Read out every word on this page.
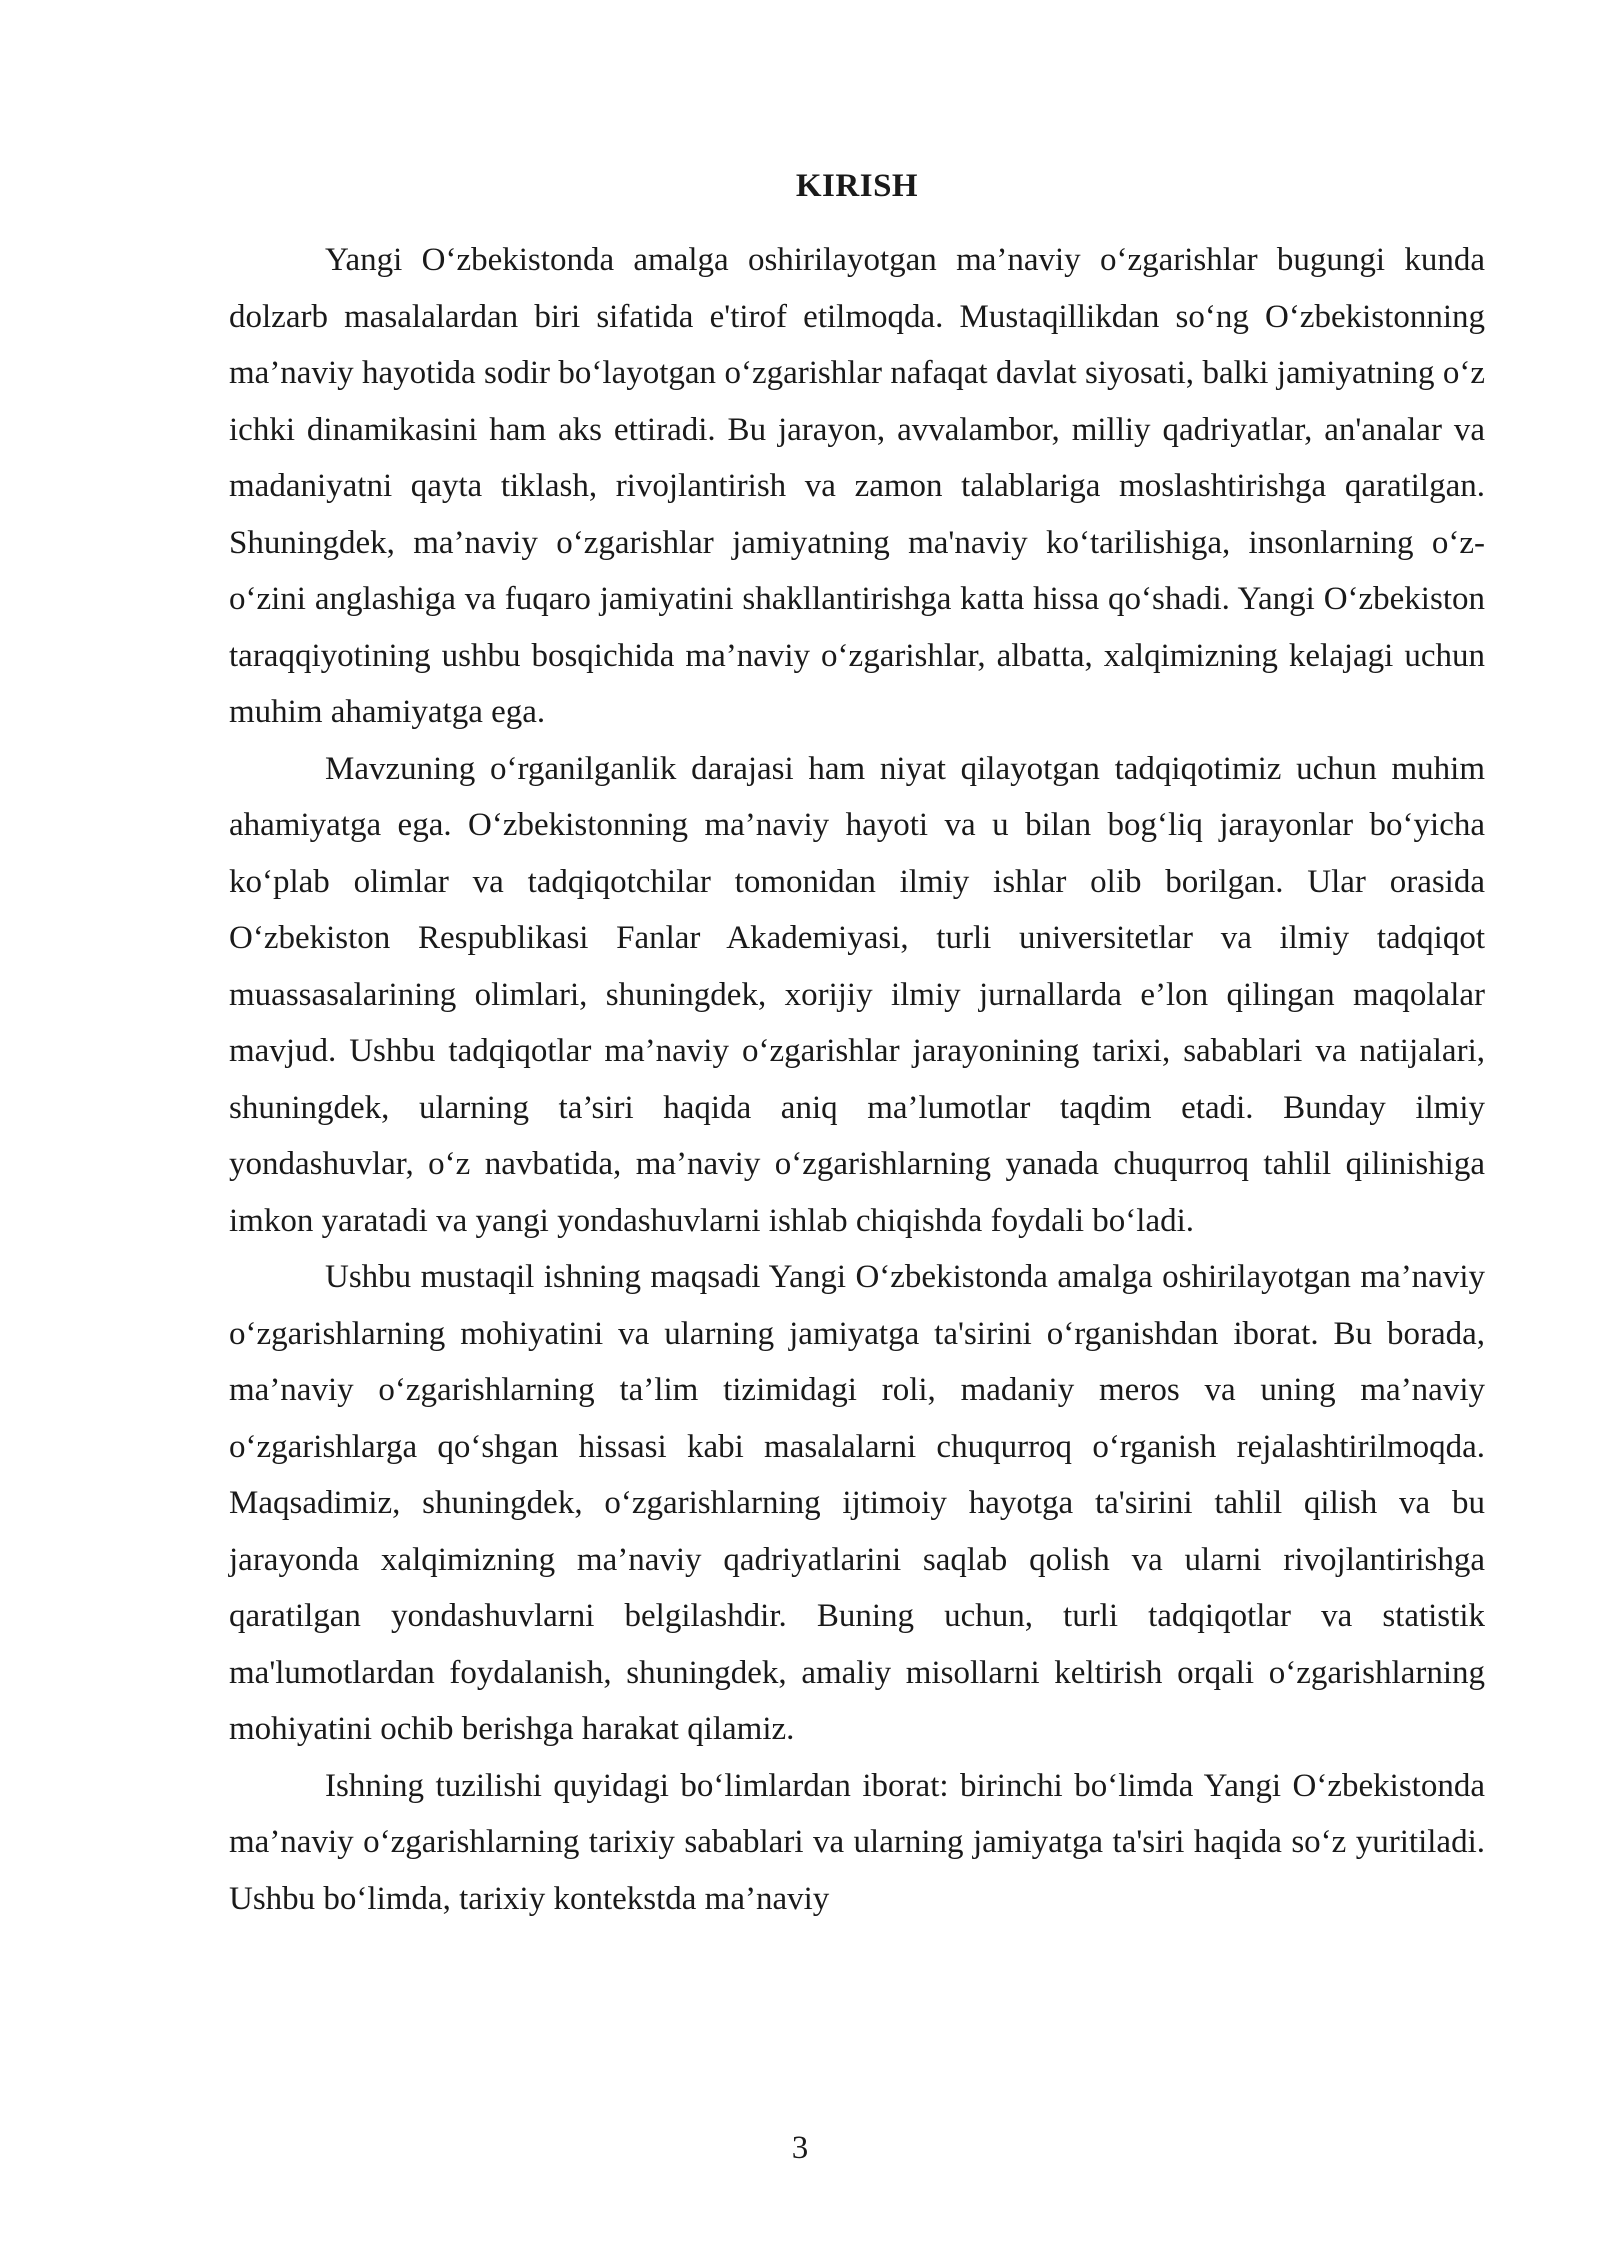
KIRISH

Yangi O‘zbekistonda amalga oshirilayotgan ma’naviy o‘zgarishlar bugungi kunda dolzarb masalalardan biri sifatida e'tirof etilmoqda. Mustaqillikdan so‘ng O‘zbekistonning ma’naviy hayotida sodir bo‘layotgan o‘zgarishlar nafaqat davlat siyosati, balki jamiyatning o‘z ichki dinamikasini ham aks ettiradi. Bu jarayon, avvalambor, milliy qadriyatlar, an'analar va madaniyatni qayta tiklash, rivojlantirish va zamon talablariga moslashtirishga qaratilgan. Shuningdek, ma’naviy o‘zgarishlar jamiyatning ma'naviy ko‘tarilishiga, insonlarning o‘z-o‘zini anglashiga va fuqaro jamiyatini shakllantirishga katta hissa qo‘shadi. Yangi O‘zbekiston taraqqiyotining ushbu bosqichida ma’naviy o‘zgarishlar, albatta, xalqimizning kelajagi uchun muhim ahamiyatga ega.

Mavzuning o‘rganilganlik darajasi ham niyat qilayotgan tadqiqotimiz uchun muhim ahamiyatga ega. O‘zbekistonning ma’naviy hayoti va u bilan bog‘liq jarayonlar bo‘yicha ko‘plab olimlar va tadqiqotchilar tomonidan ilmiy ishlar olib borilgan. Ular orasida O‘zbekiston Respublikasi Fanlar Akademiyasi, turli universitetlar va ilmiy tadqiqot muassasalarining olimlari, shuningdek, xorijiy ilmiy jurnallarda e’lon qilingan maqolalar mavjud. Ushbu tadqiqotlar ma’naviy o‘zgarishlar jarayonining tarixi, sabablari va natijalari, shuningdek, ularning ta’siri haqida aniq ma’lumotlar taqdim etadi. Bunday ilmiy yondashuvlar, o‘z navbatida, ma’naviy o‘zgarishlarning yanada chuqurroq tahlil qilinishiga imkon yaratadi va yangi yondashuvlarni ishlab chiqishda foydali bo‘ladi.

Ushbu mustaqil ishning maqsadi Yangi O‘zbekistonda amalga oshirilayotgan ma’naviy o‘zgarishlarning mohiyatini va ularning jamiyatga ta'sirini o‘rganishdan iborat. Bu borada, ma’naviy o‘zgarishlarning ta’lim tizimidagi roli, madaniy meros va uning ma’naviy o‘zgarishlarga qo‘shgan hissasi kabi masalalarni chuqurroq o‘rganish rejalashtirilmoqda. Maqsadimiz, shuningdek, o‘zgarishlarning ijtimoiy hayotga ta'sirini tahlil qilish va bu jarayonda xalqimizning ma’naviy qadriyatlarini saqlab qolish va ularni rivojlantirishga qaratilgan yondashuvlarni belgilashdir. Buning uchun, turli tadqiqotlar va statistik ma'lumotlardan foydalanish, shuningdek, amaliy misollarni keltirish orqali o‘zgarishlarning mohiyatini ochib berishga harakat qilamiz.

Ishning tuzilishi quyidagi bo‘limlardan iborat: birinchi bo‘limda Yangi O‘zbekistonda ma’naviy o‘zgarishlarning tarixiy sabablari va ularning jamiyatga ta'siri haqida so‘z yuritiladi. Ushbu bo‘limda, tarixiy kontekstda ma’naviy

3
